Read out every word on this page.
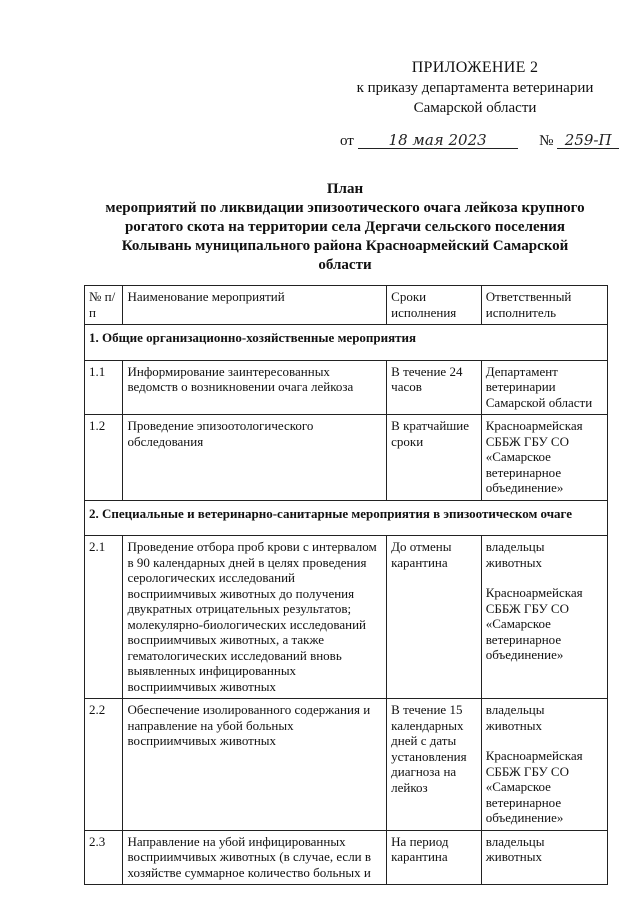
ПРИЛОЖЕНИЕ 2
к приказу департамента ветеринарии
Самарской области
от 18 мая 2023	№ 259-П
План
мероприятий по ликвидации эпизоотического очага лейкоза крупного
рогатого скота на территории села Дергачи сельского поселения
Колывань муниципального района Красноармейский Самарской
области
№ п/п	Наименование мероприятий	Сроки исполнения	Ответственный исполнитель
1. Общие организационно-хозяйственные мероприятия			
1.1	Информирование заинтересованных ведомств о возникновении очага лейкоза	В течение 24 часов	Департамент ветеринарии Самарской области

1.2	Проведение эпизоотологического обследования	В кратчайшие сроки	Красноармейская СББЖ ГБУ СО «Самарское ветеринарное объединение»

2. Специальные и ветеринарно-санитарные мероприятия в эпизоотическом очаге			
2.1	Проведение отбора проб крови с интервалом в 90 календарных дней в целях проведения серологических исследований восприимчивых животных до получения двукратных отрицательных результатов; молекулярно-биологических исследований восприимчивых животных, а также гематологических исследований вновь выявленных инфицированных восприимчивых животных	До отмены карантина	владельцы животных
Красноармейская СББЖ ГБУ СО «Самарское ветеринарное объединение»

2.2	Обеспечение изолированного содержания и направление на убой больных восприимчивых животных	В течение 15 календарных дней с даты установления диагноза на лейкоз	владельцы животных
Красноармейская СББЖ ГБУ СО «Самарское ветеринарное объединение»

2.3	Направление на убой инфицированных восприимчивых животных (в случае, если в хозяйстве суммарное количество больных и	На период карантина	владельцы животных
